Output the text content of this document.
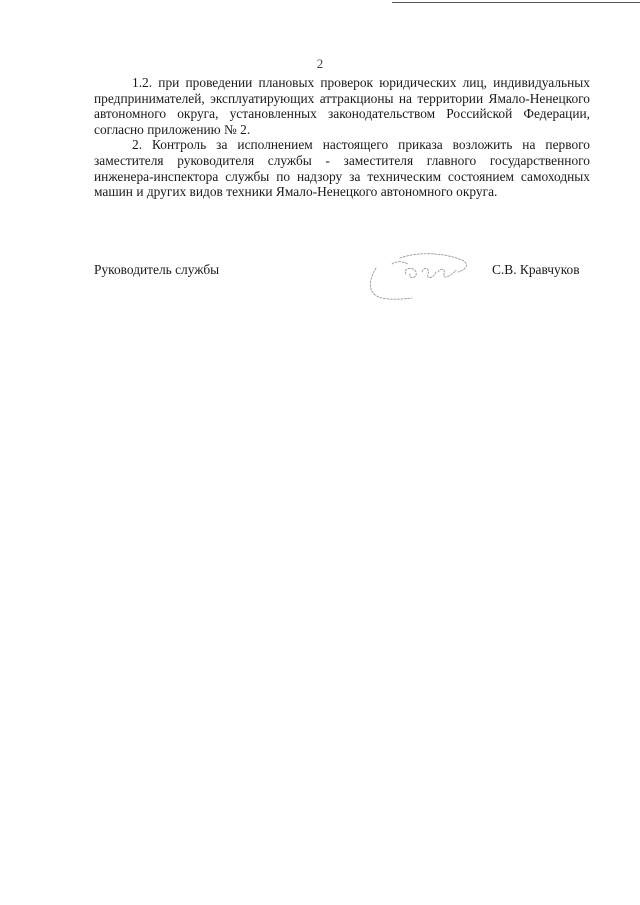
2

1.2. при проведении плановых проверок юридических лиц, индивидуальных предпринимателей, эксплуатирующих аттракционы на территории Ямало-Ненецкого автономного округа, установленных законодательством Российской Федерации, согласно приложению № 2.

2. Контроль за исполнением настоящего приказа возложить на первого заместителя руководителя службы - заместителя главного государственного инженера-инспектора службы по надзору за техническим состоянием самоходных машин и других видов техники Ямало-Ненецкого автономного округа.

Руководитель службы	С.В. Кравчуков
